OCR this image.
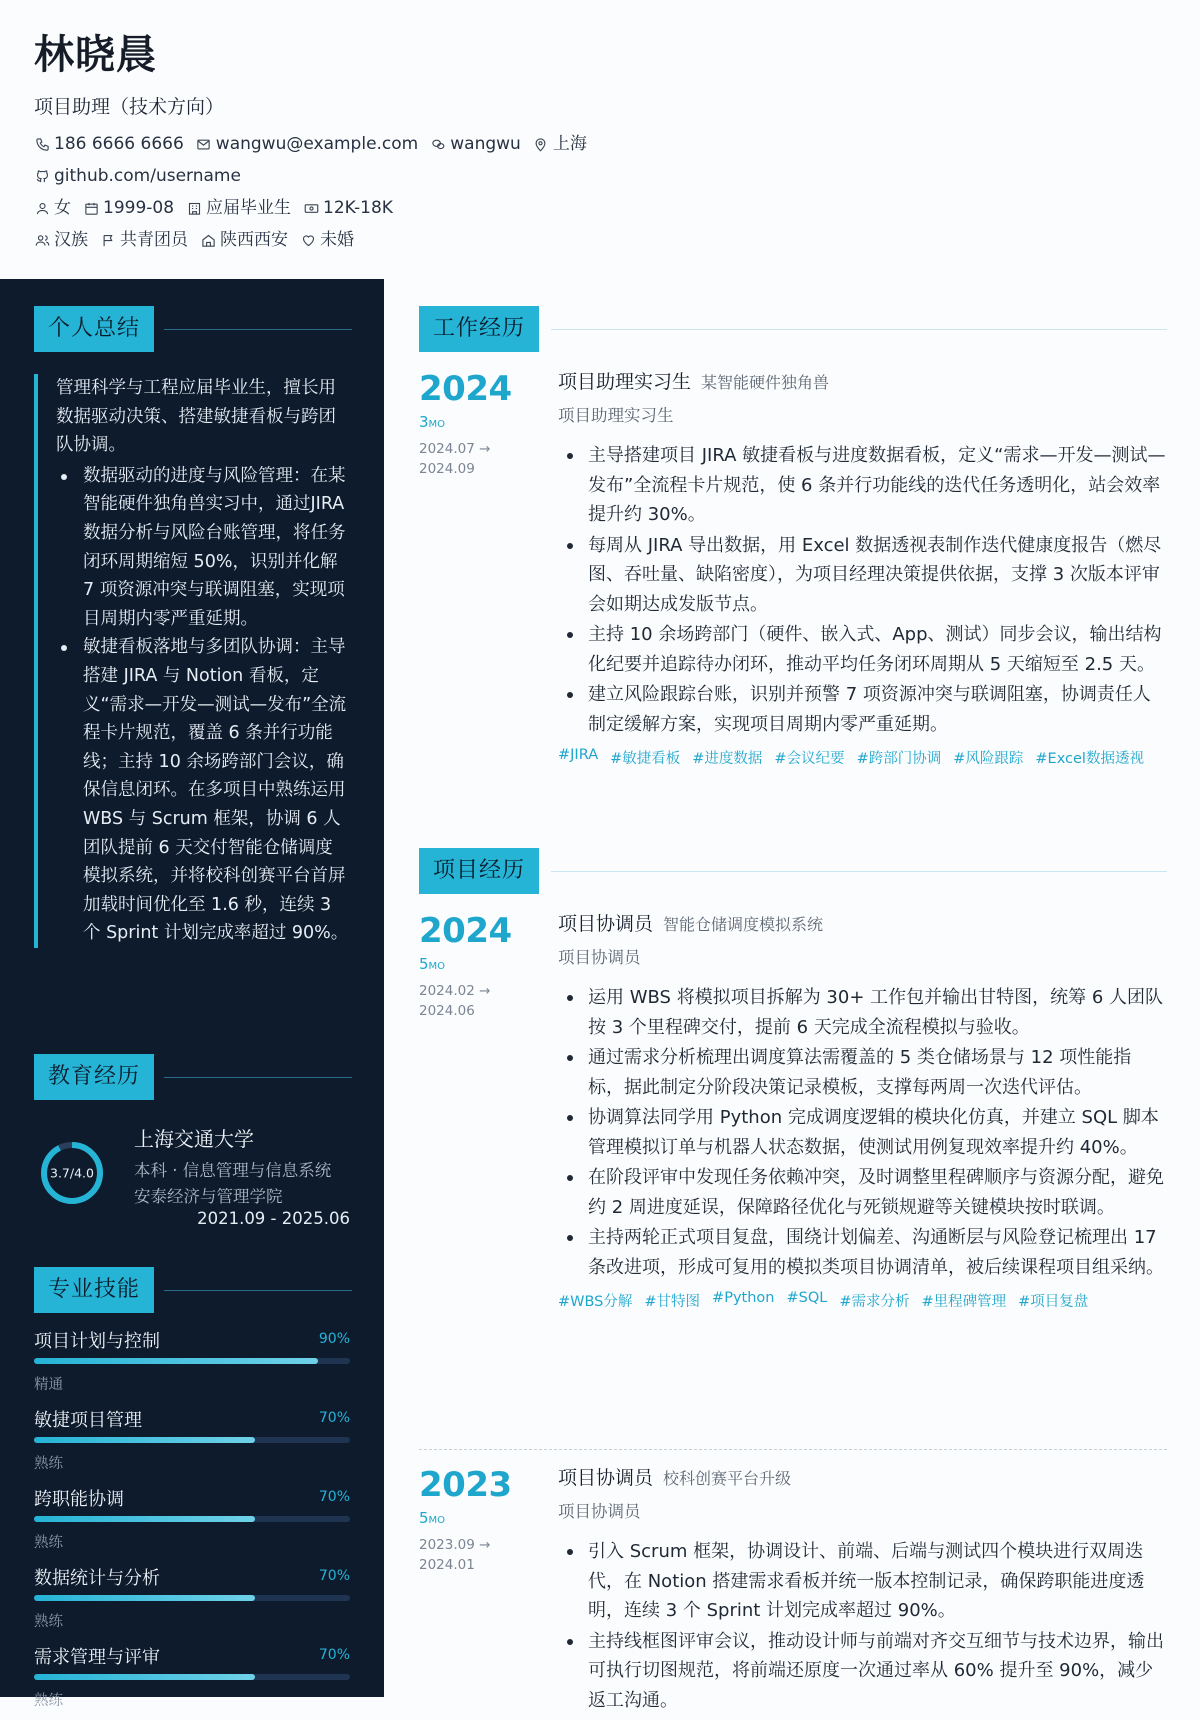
林晓晨
项目助理（技术方向）
186 6666 6666 wangwu@example.com wangwu 上海
github.com/username
女 1999-08 应届毕业生 12K-18K
汉族 共青团员 陕西西安 未婚
个人总结
管理科学与工程应届毕业生，擅长用数据驱动决策、搭建敏捷看板与跨团队协调。
数据驱动的进度与风险管理：在某智能硬件独角兽实习中，通过JIRA 数据分析与风险台账管理，将任务闭环周期缩短 50%，识别并化解 7 项资源冲突与联调阻塞，实现项目周期内零严重延期。
敏捷看板落地与多团队协调：主导搭建 JIRA 与 Notion 看板，定义“需求—开发—测试—发布”全流程卡片规范，覆盖 6 条并行功能线；主持 10 余场跨部门会议，确保信息闭环。在多项目中熟练运用 WBS 与 Scrum 框架，协调 6 人团队提前 6 天交付智能仓储调度模拟系统，并将校科创赛平台首屏加载时间优化至 1.6 秒，连续 3 个 Sprint 计划完成率超过 90%。
教育经历
3.7/4.0
上海交通大学
本科 · 信息管理与信息系统
安泰经济与管理学院
2021.09 - 2025.06
专业技能
项目计划与控制	90%
精通
敏捷项目管理	70%
熟练
跨职能协调	70%
熟练
数据统计与分析	70%
熟练
需求管理与评审	70%
熟练
工作经历
2024
3MO
2024.07 →
2024.09
项目助理实习生 某智能硬件独角兽
项目助理实习生
主导搭建项目 JIRA 敏捷看板与进度数据看板，定义“需求—开发—测试—发布”全流程卡片规范，使 6 条并行功能线的迭代任务透明化，站会效率提升约 30%。
每周从 JIRA 导出数据，用 Excel 数据透视表制作迭代健康度报告（燃尽图、吞吐量、缺陷密度），为项目经理决策提供依据，支撑 3 次版本评审会如期达成发版节点。
主持 10 余场跨部门（硬件、嵌入式、App、测试）同步会议，输出结构化纪要并追踪待办闭环，推动平均任务闭环周期从 5 天缩短至 2.5 天。
建立风险跟踪台账，识别并预警 7 项资源冲突与联调阻塞，协调责任人制定缓解方案，实现项目周期内零严重延期。
#JIRA #敏捷看板 #进度数据 #会议纪要 #跨部门协调 #风险跟踪 #Excel数据透视
项目经历
2024
5MO
2024.02 →
2024.06
项目协调员 智能仓储调度模拟系统
项目协调员
运用 WBS 将模拟项目拆解为 30+ 工作包并输出甘特图，统筹 6 人团队按 3 个里程碑交付，提前 6 天完成全流程模拟与验收。
通过需求分析梳理出调度算法需覆盖的 5 类仓储场景与 12 项性能指标，据此制定分阶段决策记录模板，支撑每两周一次迭代评估。
协调算法同学用 Python 完成调度逻辑的模块化仿真，并建立 SQL 脚本管理模拟订单与机器人状态数据，使测试用例复现效率提升约 40%。
在阶段评审中发现任务依赖冲突，及时调整里程碑顺序与资源分配，避免约 2 周进度延误，保障路径优化与死锁规避等关键模块按时联调。
主持两轮正式项目复盘，围绕计划偏差、沟通断层与风险登记梳理出 17 条改进项，形成可复用的模拟类项目协调清单，被后续课程项目组采纳。
#WBS分解 #甘特图 #Python #SQL #需求分析 #里程碑管理 #项目复盘
2023
5MO
2023.09 →
2024.01
项目协调员 校科创赛平台升级
项目协调员
引入 Scrum 框架，协调设计、前端、后端与测试四个模块进行双周迭代，在 Notion 搭建需求看板并统一版本控制记录，确保跨职能进度透明，连续 3 个 Sprint 计划完成率超过 90%。
主持线框图评审会议，推动设计师与前端对齐交互细节与技术边界，输出可执行切图规范，将前端还原度一次通过率从 60% 提升至 90%，减少返工沟通。
